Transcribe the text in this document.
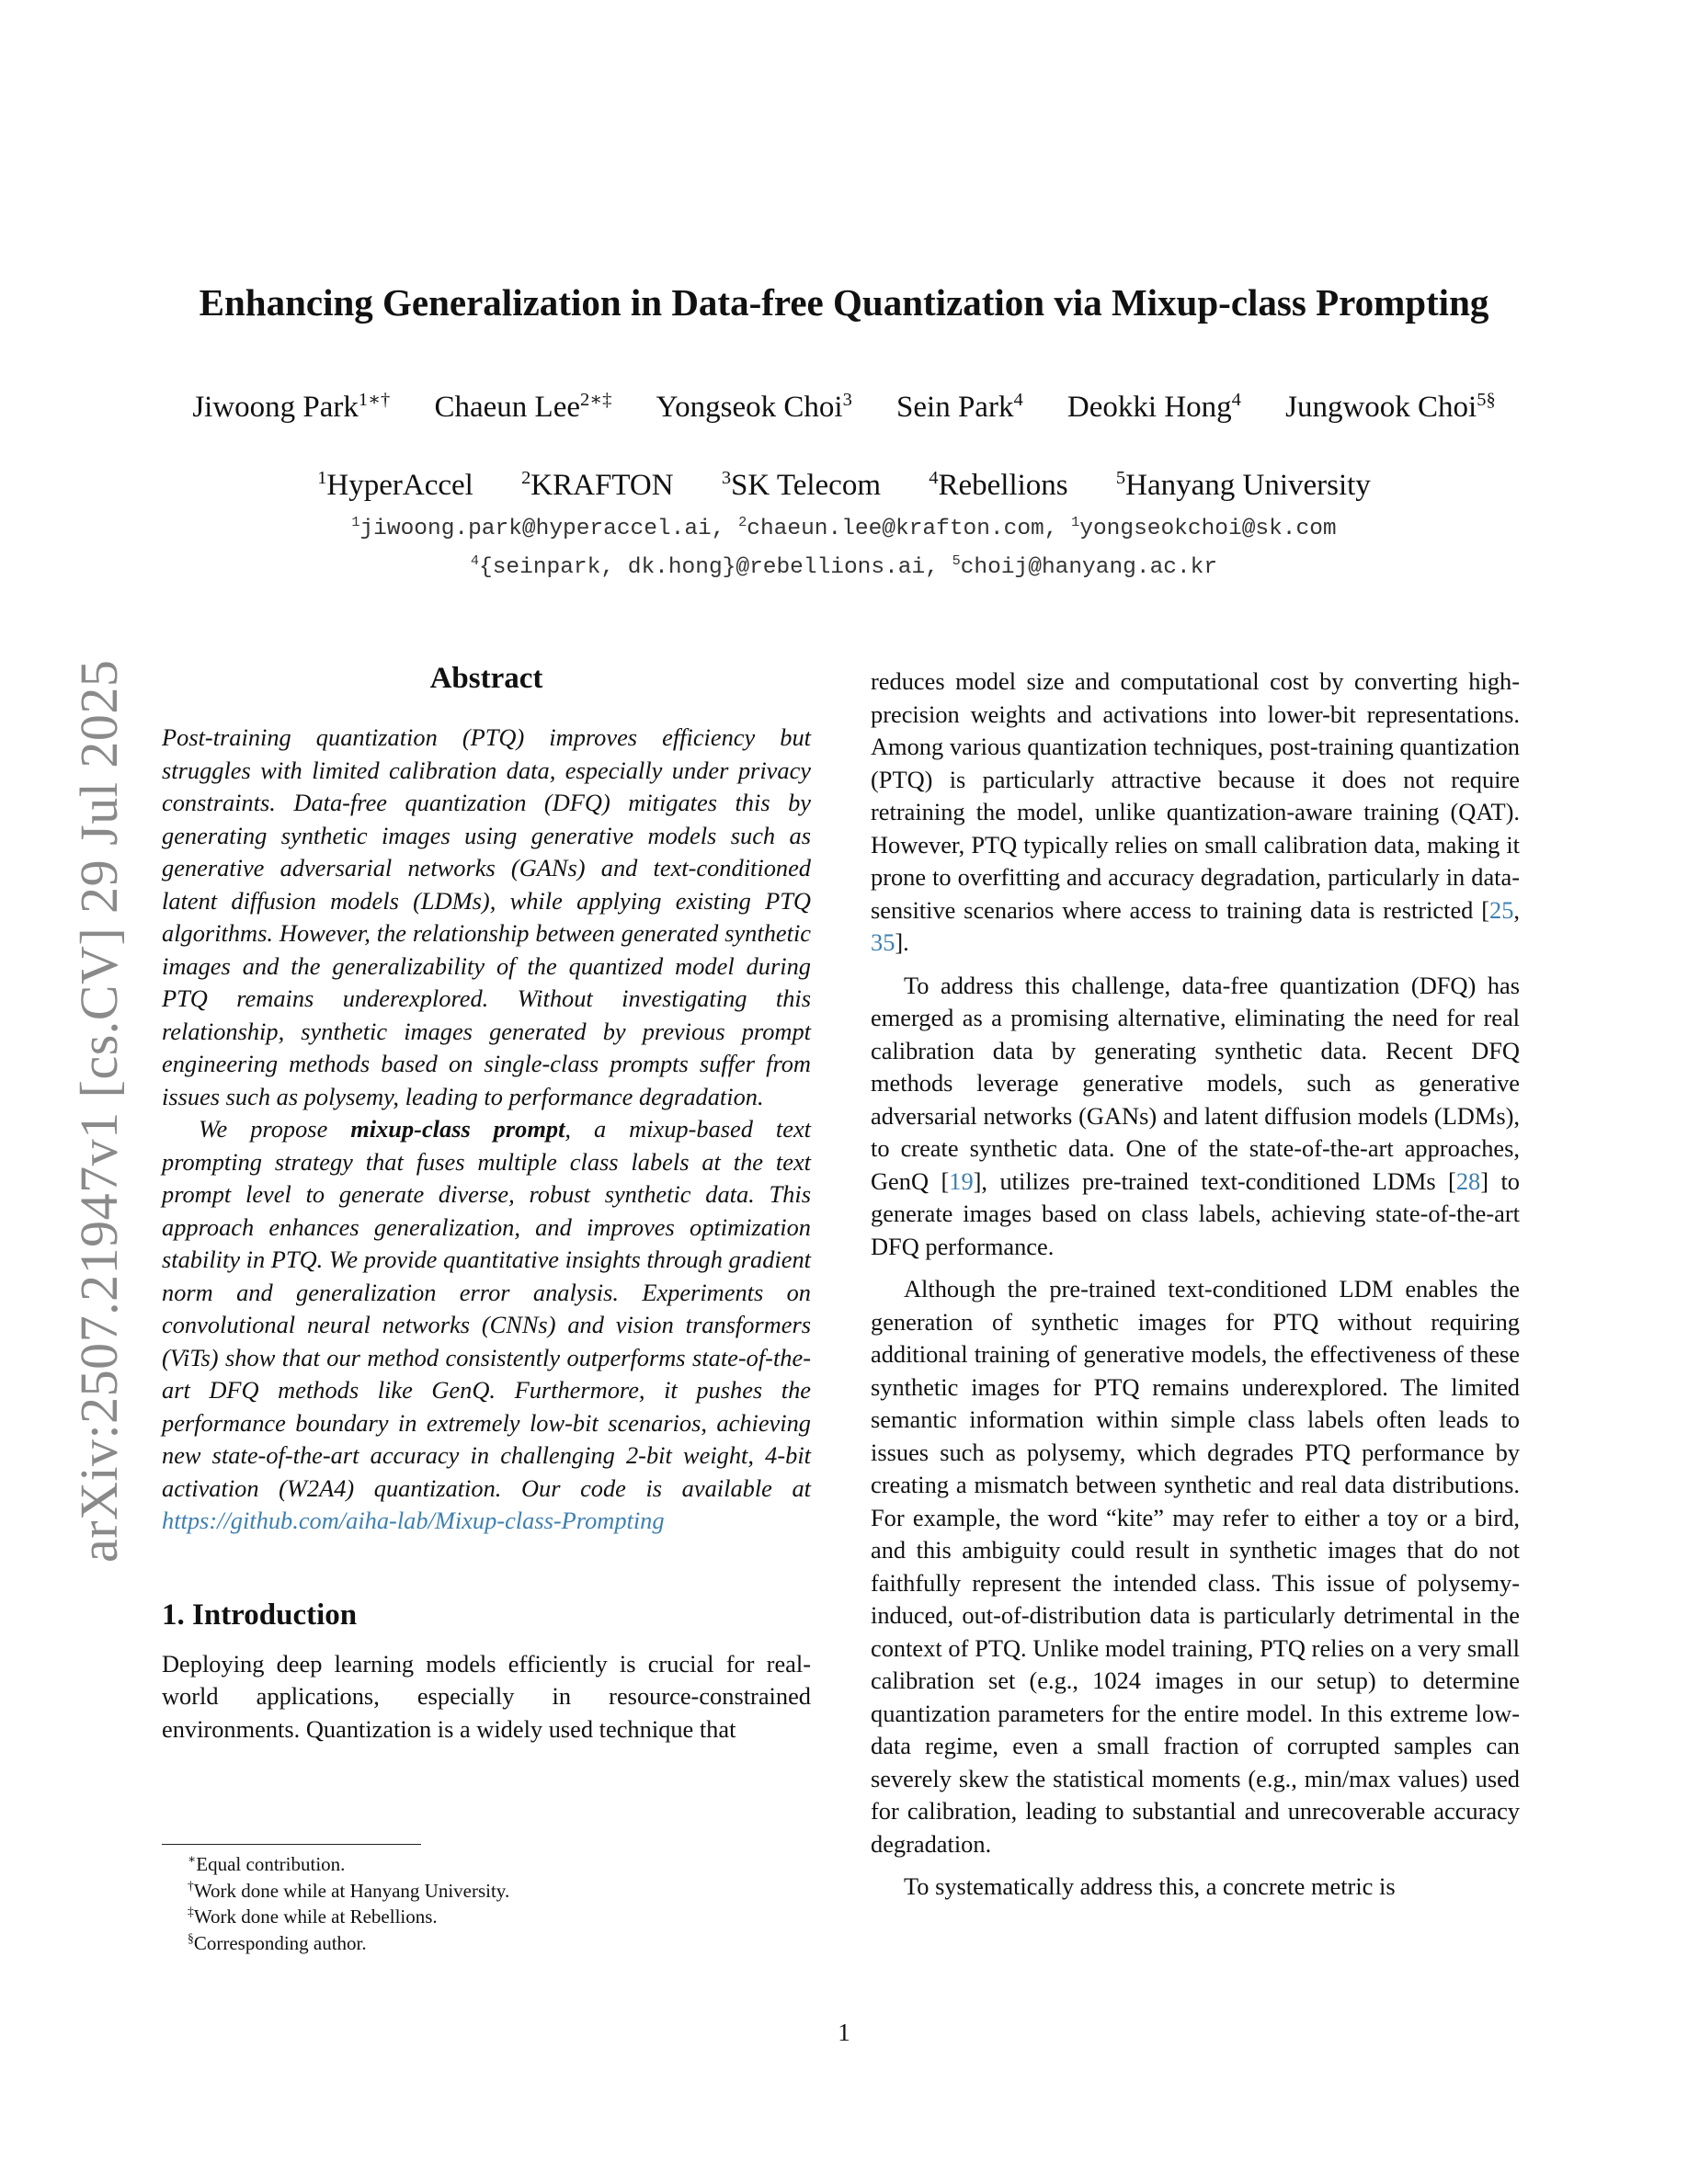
arXiv:2507.21947v1 [cs.CV] 29 Jul 2025
Enhancing Generalization in Data-free Quantization via Mixup-class Prompting
Jiwoong Park$^{1∗\dagger}$ Chaeun Lee$^{2∗\ddagger}$ Yongseok Choi$^3$ Sein Park$^4$ Deokki Hong$^4$ Jungwook Choi$^{5\S}$
$^1$HyperAccel	$^2$KRAFTON	$^3$SK Telecom	$^4$Rebellions	$^5$Hanyang University
$^1$jiwoong.park@hyperaccel.ai, $^2$chaeun.lee@krafton.com, $^1$yongseokchoi@sk.com
$^4${seinpark, dk.hong}@rebellions.ai, $^5$choij@hanyang.ac.kr
Abstract

Post-training quantization (PTQ) improves efficiency but struggles with limited calibration data, especially under privacy constraints. Data-free quantization (DFQ) mitigates this by generating synthetic images using generative models such as generative adversarial networks (GANs) and text-conditioned latent diffusion models (LDMs), while applying existing PTQ algorithms. However, the relationship between generated synthetic images and the generalizability of the quantized model during PTQ remains underexplored. Without investigating this relationship, synthetic images generated by previous prompt engineering methods based on single-class prompts suffer from issues such as polysemy, leading to performance degradation.

We propose mixup-class prompt, a mixup-based text prompting strategy that fuses multiple class labels at the text prompt level to generate diverse, robust synthetic data. This approach enhances generalization, and improves optimization stability in PTQ. We provide quantitative insights through gradient norm and generalization error analysis. Experiments on convolutional neural networks (CNNs) and vision transformers (ViTs) show that our method consistently outperforms state-of-the-art DFQ methods like GenQ. Furthermore, it pushes the performance boundary in extremely low-bit scenarios, achieving new state-of-the-art accuracy in challenging 2-bit weight, 4-bit activation (W2A4) quantization. Our code is available at https://github.com/aiha-lab/Mixup-class-Prompting

1. Introduction

Deploying deep learning models efficiently is crucial for real-world applications, especially in resource-constrained environments. Quantization is a widely used technique that

reduces model size and computational cost by converting high-precision weights and activations into lower-bit representations. Among various quantization techniques, post-training quantization (PTQ) is particularly attractive because it does not require retraining the model, unlike quantization-aware training (QAT). However, PTQ typically relies on small calibration data, making it prone to overfitting and accuracy degradation, particularly in data-sensitive scenarios where access to training data is restricted [25, 35].

To address this challenge, data-free quantization (DFQ) has emerged as a promising alternative, eliminating the need for real calibration data by generating synthetic data. Recent DFQ methods leverage generative models, such as generative adversarial networks (GANs) and latent diffusion models (LDMs), to create synthetic data. One of the state-of-the-art approaches, GenQ [19], utilizes pre-trained text-conditioned LDMs [28] to generate images based on class labels, achieving state-of-the-art DFQ performance.

Although the pre-trained text-conditioned LDM enables the generation of synthetic images for PTQ without requiring additional training of generative models, the effectiveness of these synthetic images for PTQ remains underexplored. The limited semantic information within simple class labels often leads to issues such as polysemy, which degrades PTQ performance by creating a mismatch between synthetic and real data distributions. For example, the word “kite” may refer to either a toy or a bird, and this ambiguity could result in synthetic images that do not faithfully represent the intended class. This issue of polysemy-induced, out-of-distribution data is particularly detrimental in the context of PTQ. Unlike model training, PTQ relies on a very small calibration set (e.g., 1024 images in our setup) to determine quantization parameters for the entire model. In this extreme low-data regime, even a small fraction of corrupted samples can severely skew the statistical moments (e.g., min/max values) used for calibration, leading to substantial and unrecoverable accuracy degradation.

To systematically address this, a concrete metric is

∗Equal contribution.
†Work done while at Hanyang University.
‡Work done while at Rebellions.
§Corresponding author.
1
